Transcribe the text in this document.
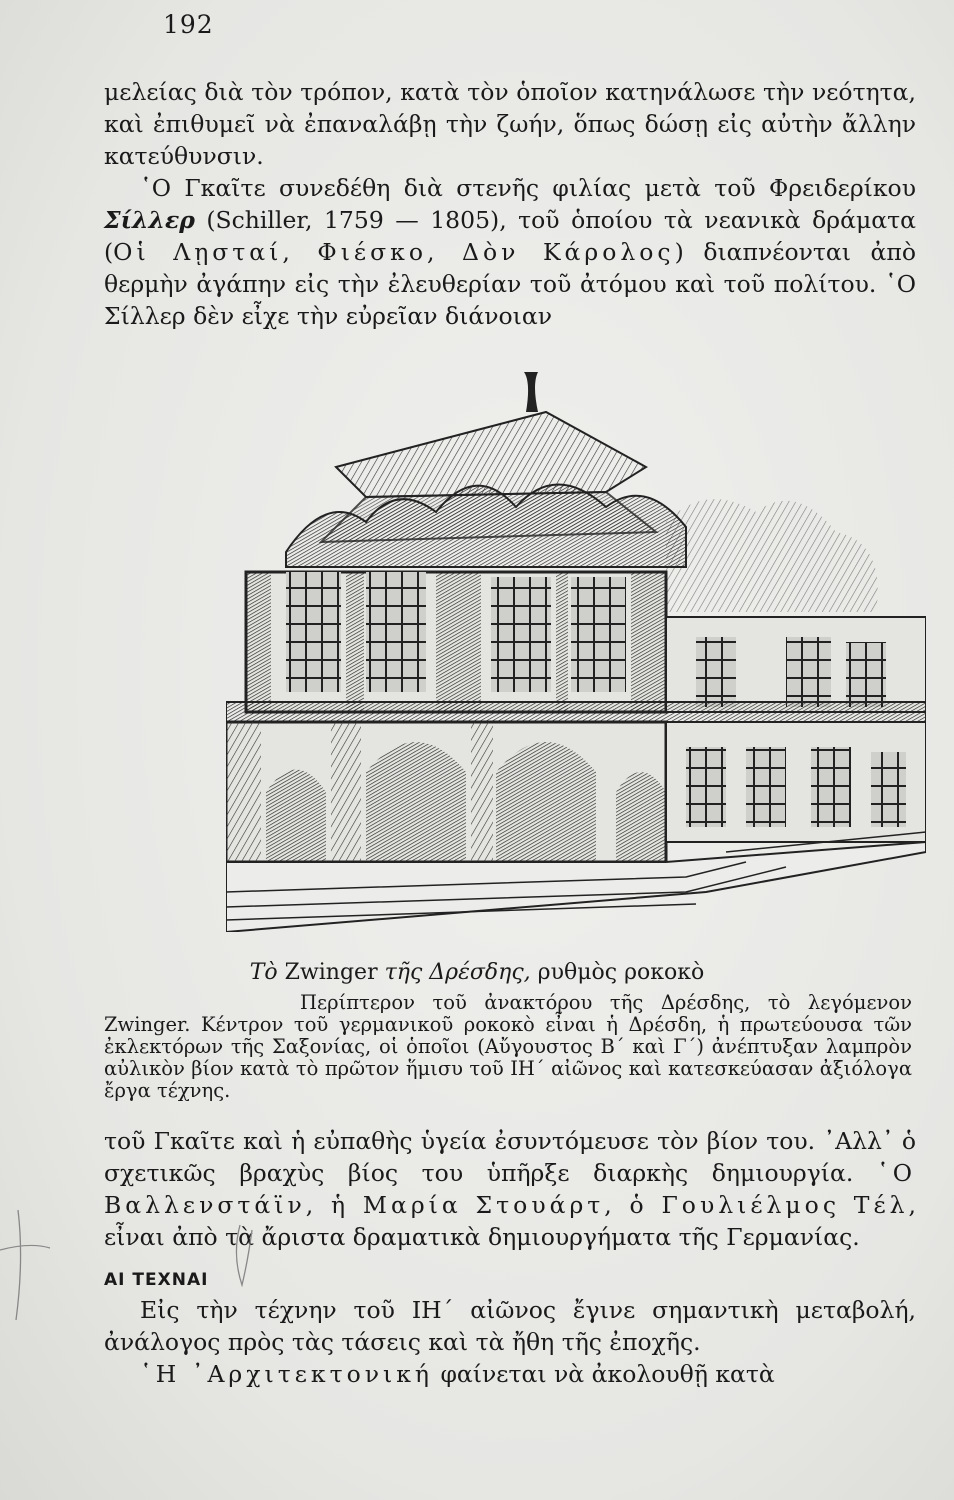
192

μελείας διὰ τὸν τρόπον, κατὰ τὸν ὁποῖον κατηνάλωσε τὴν νεότητα, καὶ ἐπιθυμεῖ νὰ ἐπαναλάβῃ τὴν ζωήν, ὅπως δώσῃ εἰς αὐτὴν ἄλλην κατεύθυνσιν.

῾Ο Γκαῖτε συνεδέθη διὰ στενῆς φιλίας μετὰ τοῦ Φρειδερίκου Σίλλερ (Schiller, 1759 — 1805), τοῦ ὁποίου τὰ νεανικὰ δράματα (Οἱ Λῃσταί, Φιέσκο, Δὸν Κάρολος) διαπνέονται ἀπὸ θερμὴν ἀγάπην εἰς τὴν ἐλευθερίαν τοῦ ἀτόμου καὶ τοῦ πολίτου. ῾Ο Σίλλερ δὲν εἶχε τὴν εὐρεῖαν διάνοιαν

Τὸ Zwinger τῆς Δρέσδης, ρυθμὸς ροκοκὸ

Περίπτερον τοῦ ἀνακτόρου τῆς Δρέσδης, τὸ λεγόμενον Zwinger. Κέντρον τοῦ γερμανικοῦ ροκοκὸ εἶναι ἡ Δρέσδη, ἡ πρωτεύουσα τῶν ἐκλεκτόρων τῆς Σαξονίας, οἱ ὁποῖοι (Αὔγουστος Β΄ καὶ Γ΄) ἀνέπτυξαν λαμπρὸν αὐλικὸν βίον κατὰ τὸ πρῶτον ἥμισυ τοῦ ΙΗ΄ αἰῶνος καὶ κατεσκεύασαν ἀξιόλογα ἔργα τέχνης.

τοῦ Γκαῖτε καὶ ἡ εὐπαθὴς ὑγεία ἐσυντόμευσε τὸν βίον του. ᾿Αλλ᾿ ὁ σχετικῶς βραχὺς βίος του ὑπῆρξε διαρκὴς δημιουργία. ῾Ο Βαλλενστάϊν, ἡ Μαρία Στουάρτ, ὁ Γουλιέλμος Τέλ, εἶναι ἀπὸ τὰ ἄριστα δραματικὰ δημιουργήματα τῆς Γερμανίας.

ΑΙ ΤΕΧΝΑΙ

Εἰς τὴν τέχνην τοῦ ΙΗ΄ αἰῶνος ἔγινε σημαντικὴ μεταβολή, ἀνάλογος πρὸς τὰς τάσεις καὶ τὰ ἤθη τῆς ἐποχῆς.

῾Η ᾿Αρχιτεκτονική φαίνεται νὰ ἀκολουθῇ κατὰ
